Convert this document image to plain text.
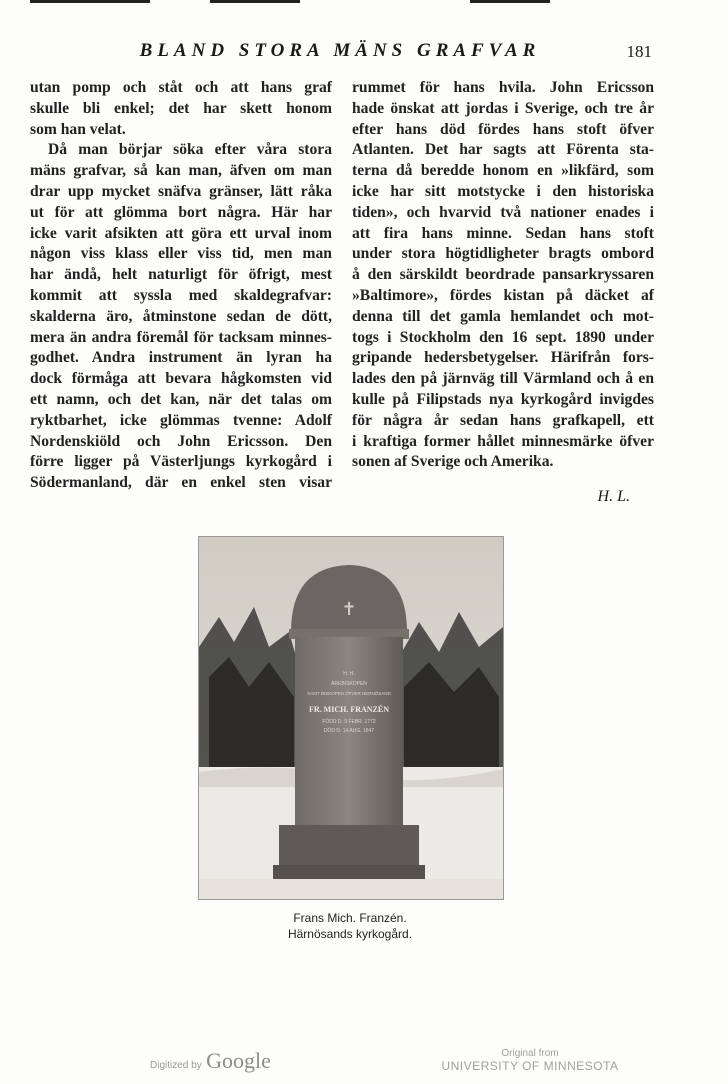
BLAND STORA MÄNS GRAFVAR	181
utan pomp och ståt och att hans graf
skulle bli enkel; det har skett honom
som han velat.
Då man börjar söka efter våra stora
mäns grafvar, så kan man, äfven om man
drar upp mycket snäfva gränser, lätt råka
ut för att glömma bort några. Här har
icke varit afsikten att göra ett urval inom
någon viss klass eller viss tid, men man
har ändå, helt naturligt för öfrigt, mest
kommit att syssla med skaldegrafvar:
skalderna äro, åtminstone sedan de dött,
mera än andra föremål för tacksam minnes-
godhet. Andra instrument än lyran ha
dock förmåga att bevara hågkomsten vid
ett namn, och det kan, när det talas om
ryktbarhet, icke glömmas tvenne: Adolf
Nordenskiöld och John Ericsson. Den
förre ligger på Västerljungs kyrkogård i
Södermanland, där en enkel sten visar
rummet för hans hvila. John Ericsson
hade önskat att jordas i Sverige, och tre år
efter hans död fördes hans stoft öfver
Atlanten. Det har sagts att Förenta sta-
terna då beredde honom en »likfärd, som
icke har sitt motstycke i den historiska
tiden», och hvarvid två nationer enades i
att fira hans minne. Sedan hans stoft
under stora högtidligheter bragts ombord
å den särskildt beordrade pansarkryssaren
»Baltimore», fördes kistan på däcket af
denna till det gamla hemlandet och mot-
togs i Stockholm den 16 sept. 1890 under
gripande hedersbetygelser. Härifrån fors-
lades den på järnväg till Värmland och å en
kulle på Filipstads nya kyrkogård invigdes
för några år sedan hans grafkapell, ett
i kraftiga former hållet minnesmärke öfver
sonen af Sverige och Amerika.
H. L.
✝
H. H.
ÄREBISKOPEN
SAMT BISKOPEN ÖFVER HERNÖSAND
FR. MICH. FRANZÉN
FÖDD D. 9 FEBR. 1772
DÖD D. 14 AUG. 1847
Frans Mich. Franzén.
Härnösands kyrkogård.
Digitized by Google	Original from
UNIVERSITY OF MINNESOTA
